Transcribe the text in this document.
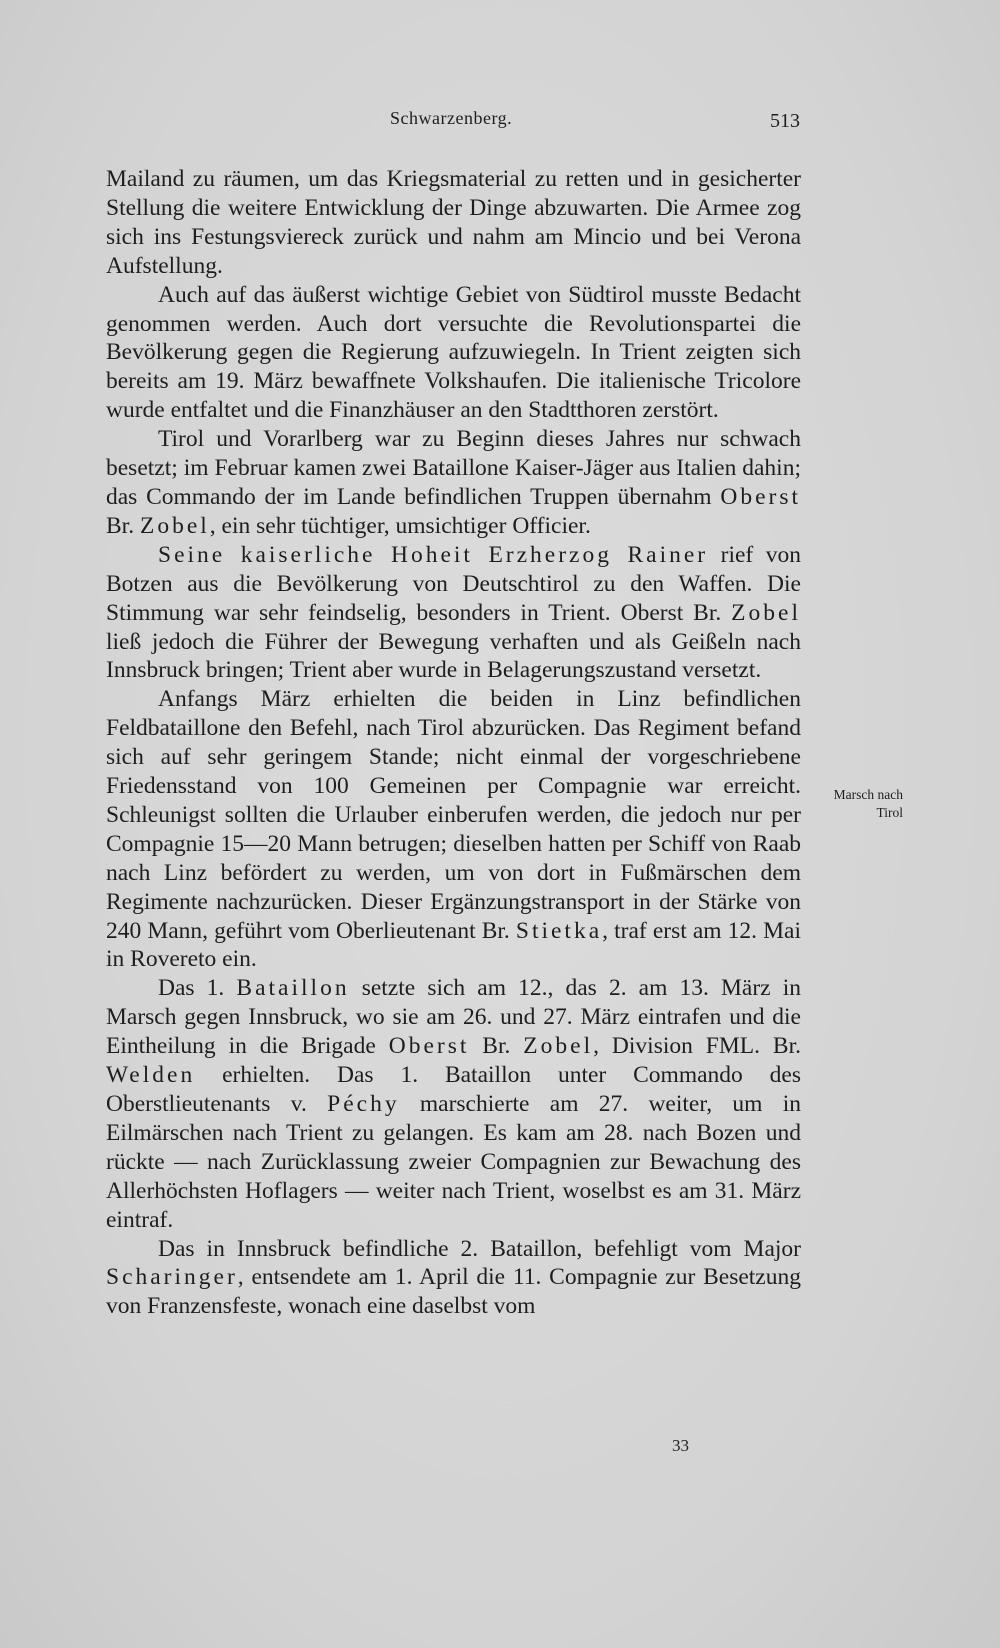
Schwarzenberg.	513

Mailand zu räumen, um das Kriegsmaterial zu retten und in gesicherter Stellung die weitere Entwicklung der Dinge abzuwarten. Die Armee zog sich ins Festungsviereck zurück und nahm am Mincio und bei Verona Aufstellung.

Auch auf das äußerst wichtige Gebiet von Südtirol musste Bedacht genommen werden. Auch dort versuchte die Revolutionspartei die Bevölkerung gegen die Regierung aufzuwiegeln. In Trient zeigten sich bereits am 19. März bewaffnete Volkshaufen. Die italienische Tricolore wurde entfaltet und die Finanzhäuser an den Stadtthoren zerstört.

Tirol und Vorarlberg war zu Beginn dieses Jahres nur schwach besetzt; im Februar kamen zwei Bataillone Kaiser-Jäger aus Italien dahin; das Commando der im Lande befindlichen Truppen übernahm Oberst Br. Zobel, ein sehr tüchtiger, umsichtiger Officier.

Seine kaiserliche Hoheit Erzherzog Rainer rief von Botzen aus die Bevölkerung von Deutschtirol zu den Waffen. Die Stimmung war sehr feindselig, besonders in Trient. Oberst Br. Zobel ließ jedoch die Führer der Bewegung verhaften und als Geißeln nach Innsbruck bringen; Trient aber wurde in Belagerungszustand versetzt.

Anfangs März erhielten die beiden in Linz befindlichen Feldbataillone den Befehl, nach Tirol abzurücken. Das Regiment befand sich auf sehr geringem Stande; nicht einmal der vorgeschriebene Friedensstand von 100 Gemeinen per Compagnie war erreicht. Schleunigst sollten die Urlauber einberufen werden, die jedoch nur per Compagnie 15—20 Mann betrugen; dieselben hatten per Schiff von Raab nach Linz befördert zu werden, um von dort in Fußmärschen dem Regimente nachzurücken. Dieser Ergänzungstransport in der Stärke von 240 Mann, geführt vom Oberlieutenant Br. Stietka, traf erst am 12. Mai in Rovereto ein.

Das 1. Bataillon setzte sich am 12., das 2. am 13. März in Marsch gegen Innsbruck, wo sie am 26. und 27. März eintrafen und die Eintheilung in die Brigade Oberst Br. Zobel, Division FML. Br. Welden erhielten. Das 1. Bataillon unter Commando des Oberstlieutenants v. Péchy marschierte am 27. weiter, um in Eilmärschen nach Trient zu gelangen. Es kam am 28. nach Bozen und rückte — nach Zurücklassung zweier Compagnien zur Bewachung des Allerhöchsten Hoflagers — weiter nach Trient, woselbst es am 31. März eintraf.

Das in Innsbruck befindliche 2. Bataillon, befehligt vom Major Scharinger, entsendete am 1. April die 11. Compagnie zur Besetzung von Franzensfeste, wonach eine daselbst vom

Marsch nach
Tirol
33
